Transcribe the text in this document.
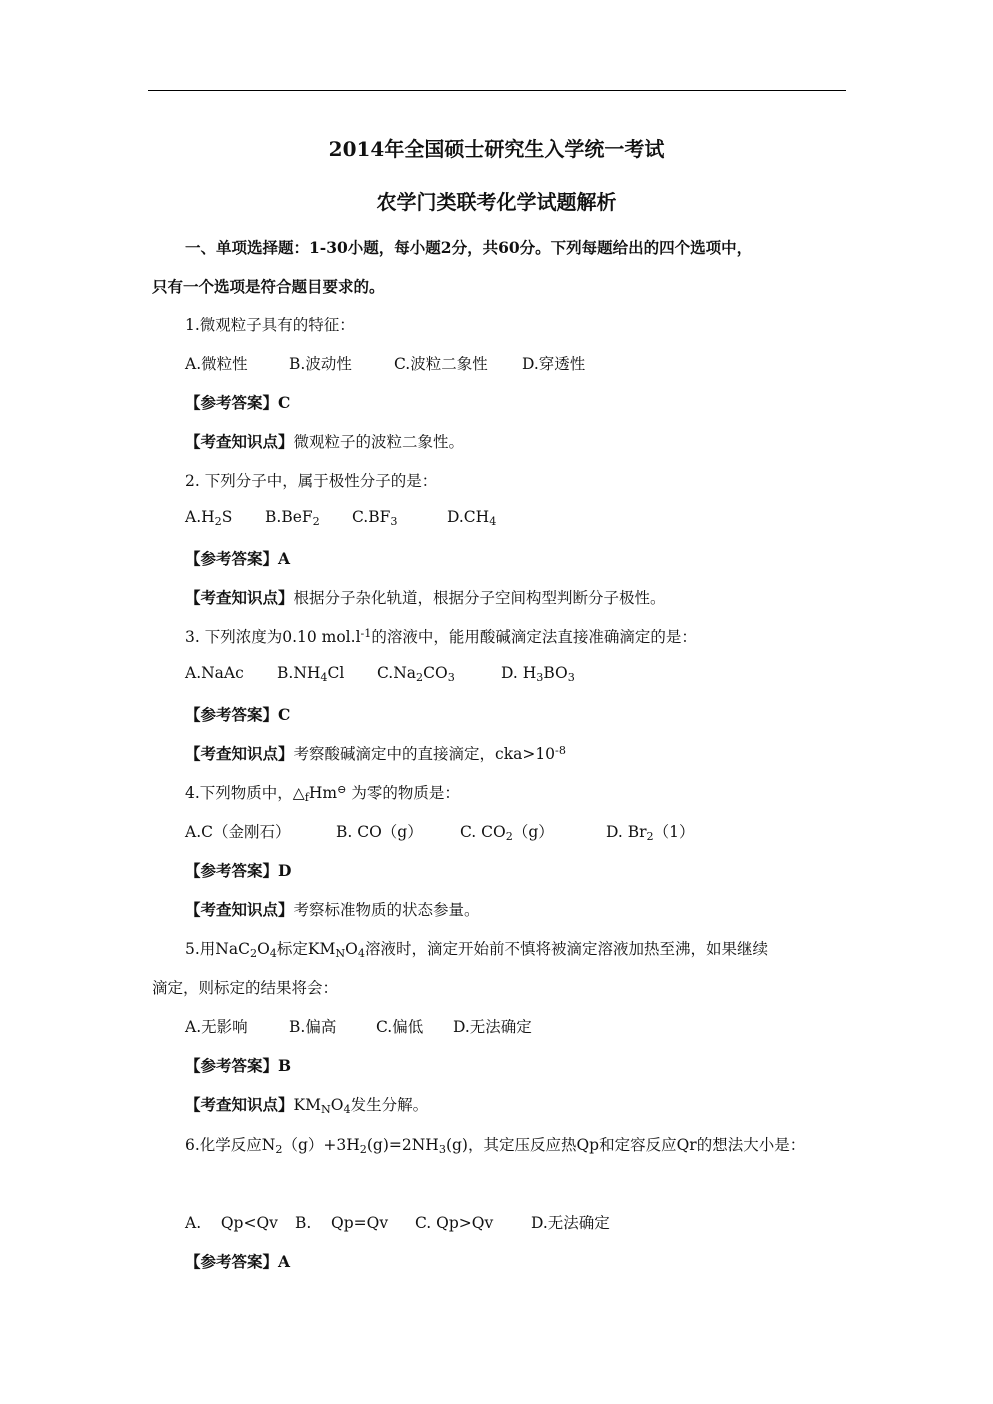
2014年全国硕士研究生入学统一考试
农学门类联考化学试题解析
一、单项选择题：1-30小题，每小题2分，共60分。下列每题给出的四个选项中，
只有一个选项是符合题目要求的。
1.微观粒子具有的特征：
A.微粒性	B.波动性	C.波粒二象性 D.穿透性
【参考答案】C
【考查知识点】微观粒子的波粒二象性。
2. 下列分子中，属于极性分子的是：
$A.H_2S$ B.BeF$_2$ $C.BF_3$	$D.CH_4$
【参考答案】A
【考查知识点】根据分子杂化轨道，根据分子空间构型判断分子极性。
3. 下列浓度为0.10 $mol.l^{-1}$的溶液中，能用酸碱滴定法直接准确滴定的是：
A.NaAc $B.NH_4Cl$ $C.Na_2CO_3$	D. $H_3BO_3$
【参考答案】C
【考查知识点】考察酸碱滴定中的直接滴定，$cka>10^{-8}$
4.下列物质中，$\triangle_fHm^⊖$ 为零的物质是：
A.C（金刚石）	B. CO（g） C. $CO_2(g)$	D. $Br_2(1)$
【参考答案】D
【考查知识点】考察标准物质的状态参量。
5.用$NaC_2O_4$标定$KM_NO_4$溶液时，滴定开始前不慎将被滴定溶液加热至沸，如果继续
滴定，则标定的结果将会：
A.无影响	B.偏高	C.偏低 D.无法确定
【参考答案】B
【考查知识点】$KM_NO_4$发生分解。
6.化学反应$N_2(g)+3H_2(g)=2NH_3(g)$，其定压反应热Qp和定容反应Qr的想法大小是：
A.    Qp<Qv B.    Qp=Qv C. Qp>Qv D.无法确定
【参考答案】A
